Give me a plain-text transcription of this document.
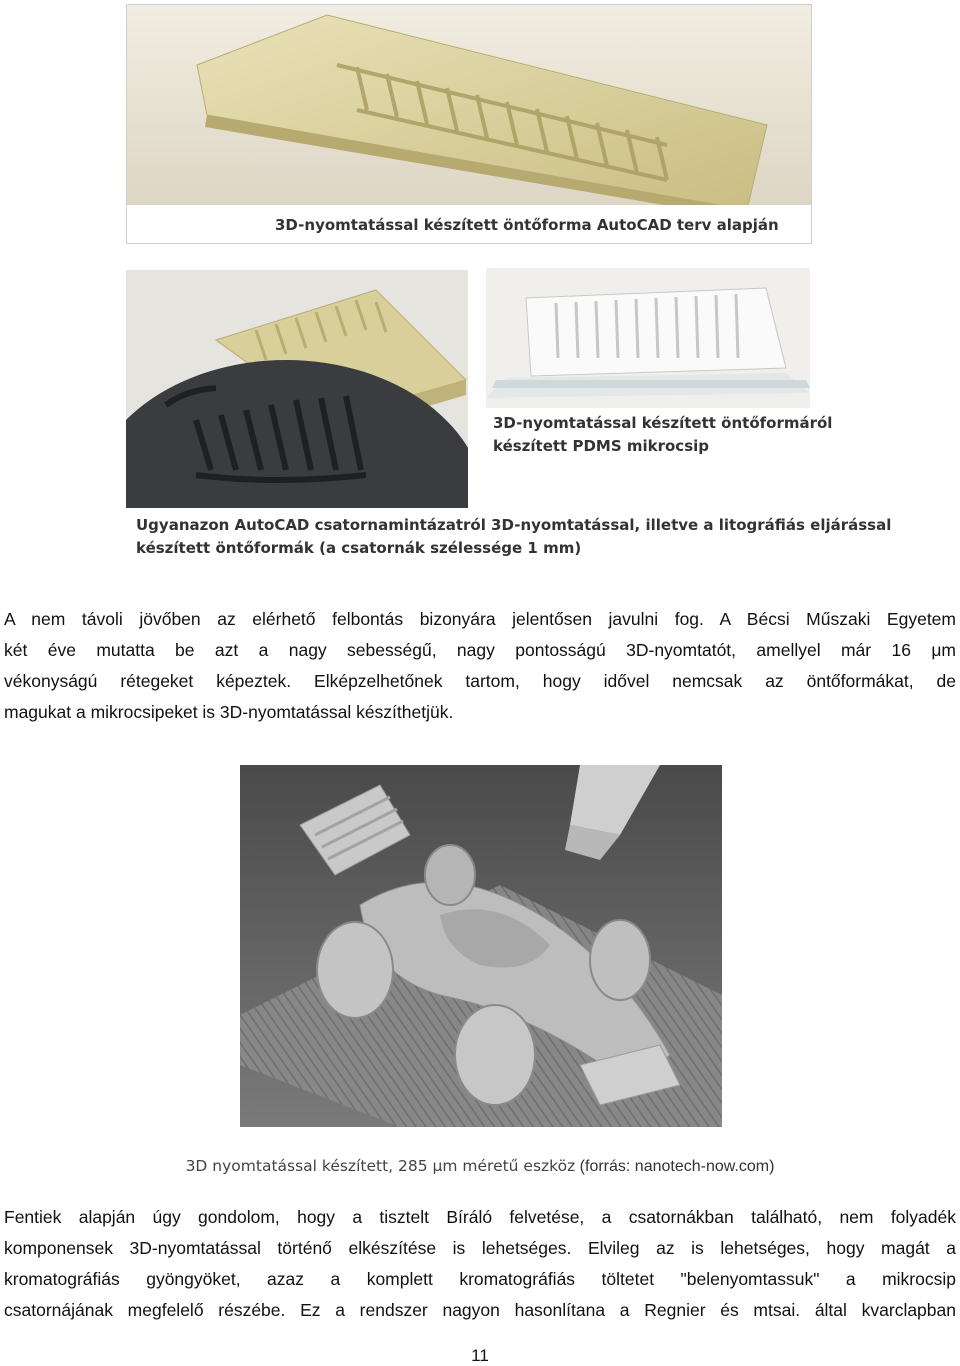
3D-nyomtatással készített öntőforma AutoCAD terv alapján
3D-nyomtatással készített öntőformáról
készített PDMS mikrocsip
Ugyanazon AutoCAD csatornamintázatról 3D-nyomtatással, illetve a litográfiás eljárással
készített öntőformák (a csatornák szélessége 1 mm)
A nem távoli jövőben az elérhető felbontás bizonyára jelentősen javulni fog. A Bécsi Műszaki Egyetem
két éve mutatta be azt a nagy sebességű, nagy pontosságú 3D-nyomtatót, amellyel már 16 μm
vékonyságú rétegeket képeztek. Elképzelhetőnek tartom, hogy idővel nemcsak az öntőformákat, de
magukat a mikrocsipeket is 3D-nyomtatással készíthetjük.
3D nyomtatással készített, 285 μm méretű eszköz (forrás: nanotech-now.com)
Fentiek alapján úgy gondolom, hogy a tisztelt Bíráló felvetése, a csatornákban található, nem folyadék
komponensek 3D-nyomtatással történő elkészítése is lehetséges. Elvileg az is lehetséges, hogy magát a
kromatográfiás gyöngyöket, azaz a komplett kromatográfiás töltetet "belenyomtassuk" a mikrocsip
csatornájának megfelelő részébe. Ez a rendszer nagyon hasonlítana a Regnier és mtsai. által kvarclapban
11
